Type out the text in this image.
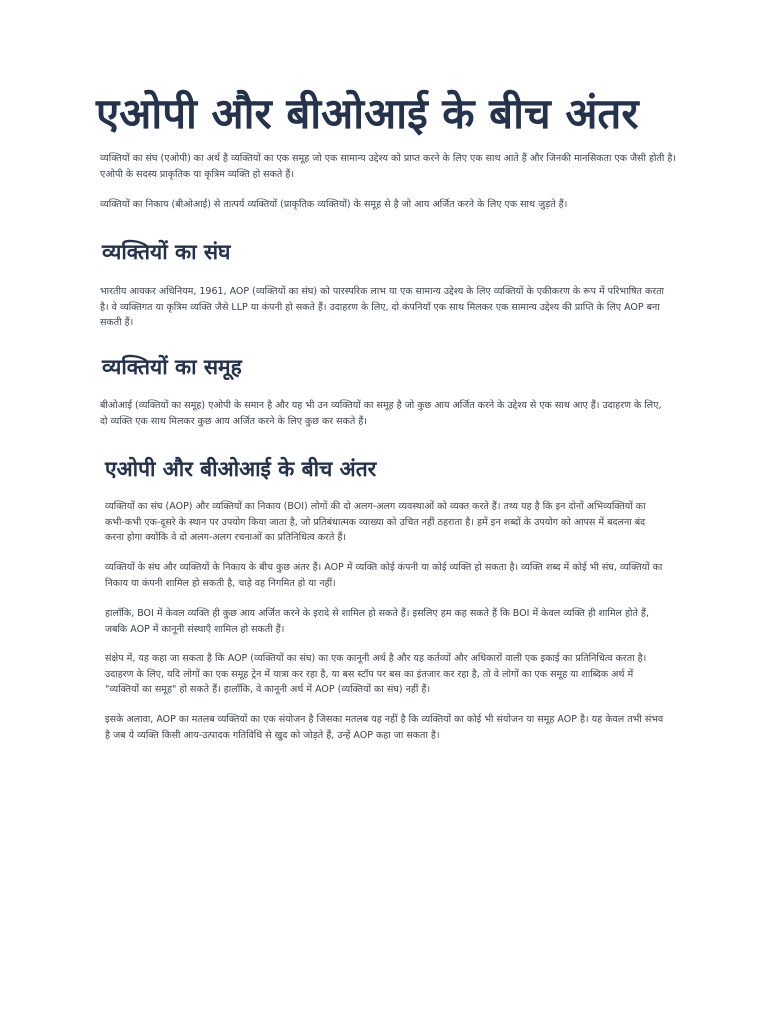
एओपी और बीओआई के बीच अंतर

व्यक्तियों का संघ (एओपी) का अर्थ है व्यक्तियों का एक समूह जो एक सामान्य उद्देश्य को प्राप्त करने के लिए एक साथ आते हैं और जिनकी मानसिकता एक जैसी होती है। एओपी के सदस्य प्राकृतिक या कृत्रिम व्यक्ति हो सकते हैं।

व्यक्तियों का निकाय (बीओआई) से तात्पर्य व्यक्तियों (प्राकृतिक व्यक्तियों) के समूह से है जो आय अर्जित करने के लिए एक साथ जुड़ते हैं।

व्यक्तियों का संघ

भारतीय आयकर अधिनियम, 1961, AOP (व्यक्तियों का संघ) को पारस्परिक लाभ या एक सामान्य उद्देश्य के लिए व्यक्तियों के एकीकरण के रूप में परिभाषित करता है। वे व्यक्तिगत या कृत्रिम व्यक्ति जैसे LLP या कंपनी हो सकते हैं। उदाहरण के लिए, दो कंपनियाँ एक साथ मिलकर एक सामान्य उद्देश्य की प्राप्ति के लिए AOP बना सकती हैं।

व्यक्तियों का समूह

बीओआई (व्यक्तियों का समूह) एओपी के समान है और यह भी उन व्यक्तियों का समूह है जो कुछ आय अर्जित करने के उद्देश्य से एक साथ आए हैं। उदाहरण के लिए, दो व्यक्ति एक साथ मिलकर कुछ आय अर्जित करने के लिए कुछ कर सकते हैं।

एओपी और बीओआई के बीच अंतर

व्यक्तियों का संघ (AOP) और व्यक्तियों का निकाय (BOI) लोगों की दो अलग-अलग व्यवस्थाओं को व्यक्त करते हैं। तथ्य यह है कि इन दोनों अभिव्यक्तियों का कभी-कभी एक-दूसरे के स्थान पर उपयोग किया जाता है, जो प्रतिबंधात्मक व्याख्या को उचित नहीं ठहराता है। हमें इन शब्दों के उपयोग को आपस में बदलना बंद करना होगा क्योंकि वे दो अलग-अलग रचनाओं का प्रतिनिधित्व करते हैं।

व्यक्तियों के संघ और व्यक्तियों के निकाय के बीच कुछ अंतर हैं। AOP में व्यक्ति कोई कंपनी या कोई व्यक्ति हो सकता है। व्यक्ति शब्द में कोई भी संघ, व्यक्तियों का निकाय या कंपनी शामिल हो सकती है, चाहे वह निगमित हो या नहीं।

हालाँकि, BOI में केवल व्यक्ति ही कुछ आय अर्जित करने के इरादे से शामिल हो सकते हैं। इसलिए हम कह सकते हैं कि BOI में केवल व्यक्ति ही शामिल होते हैं, जबकि AOP में कानूनी संस्थाएँ शामिल हो सकती हैं।

संक्षेप में, यह कहा जा सकता है कि AOP (व्यक्तियों का संघ) का एक कानूनी अर्थ है और यह कर्तव्यों और अधिकारों वाली एक इकाई का प्रतिनिधित्व करता है। उदाहरण के लिए, यदि लोगों का एक समूह ट्रेन में यात्रा कर रहा है, या बस स्टॉप पर बस का इंतजार कर रहा है, तो वे लोगों का एक समूह या शाब्दिक अर्थ में "व्यक्तियों का समूह" हो सकते हैं। हालाँकि, वे कानूनी अर्थ में AOP (व्यक्तियों का संघ) नहीं हैं।

इसके अलावा, AOP का मतलब व्यक्तियों का एक संयोजन है जिसका मतलब यह नहीं है कि व्यक्तियों का कोई भी संयोजन या समूह AOP है। यह केवल तभी संभव है जब ये व्यक्ति किसी आय-उत्पादक गतिविधि से खुद को जोड़ते हैं, उन्हें AOP कहा जा सकता है।
